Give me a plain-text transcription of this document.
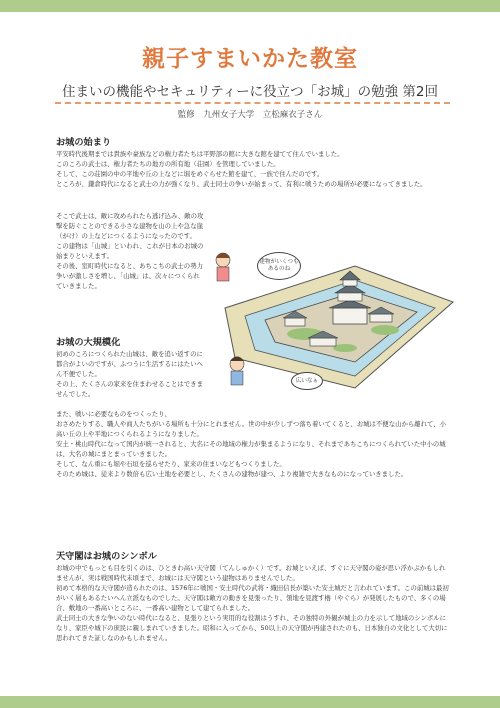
親子すまいかた教室
住まいの機能やセキュリティーに役立つ「お城」の勉強 第2回
監修　九州女子大学　立松麻衣子さん
お城の始まり

平安時代後期までは貴族や豪族などの権力者たちは平野部の館に大きな館を建てて住んでいました。

このころの武士は、権力者たちの地方の所有地（荘園）を管理していました。

そして、この荘園の中の平地や丘の上などに堀をめぐらせた館を建て、一族で住んだのです。

ところが、鎌倉時代になると武士の力が強くなり、武士同士の争いが始まって、有利に戦うための場所が必要になってきました。

そこで武士は、敵に攻められたら逃げ込み、敵の攻撃を防ぐことのできる小さな建物を山の上や急な崖（がけ）の上などにつくるようになったのです。

この建物は「山城」といわれ、これが日本のお城の始まりといえます。

その後、室町時代になると、あちこちの武士の勢力争いが激しさを増し、「山城」は、次々につくられていきました。

お城の大規模化

初めのころにつくられた山城は、敵を追い返すのに都合がよいのですが、ふつうに生活するにはたいへん不便でした。

その上、たくさんの家来を住まわせることはできませんでした。

また、戦いに必要なものをつくったり、

おさめたりする、職人や商人たちがいる場所も十分にとれません。世の中が少しずつ落ち着いてくると、お城は不便な山から離れて、小高い丘の上や平地につくられるようになりました。

安土・桃山時代になって国内が統一されると、大名にその地域の権力が集まるようになり、それまであちこちにつくられていた中小の城は、大名の城にまとまっていきました。

そして、なん重にも堀や石垣を巡らせたり、家来の住まいなどもつくりました。

そのため城は、従来より数倍も広い土地を必要とし、たくさんの建物が建つ、より複雑で大きなものになっていきました。

天守閣はお城のシンボル

お城の中でもっとも目を引くのは、ひときわ高い天守閣（てんしゅかく）です。お城といえば、すぐに天守閣の姿が思い浮かぶかもしれませんが、実は戦国時代末頃まで、お城には天守閣という建物はありませんでした。

初めて本格的な天守閣が造られたのは、1576年に戦国・安土時代の武将・織田信長が築いた安土城だと言われています。この前城は最初がいく層もあるたいへん立派なものでした。天守閣は敵方の動きを見張ったり、領地を見渡す櫓（やぐら）が発展したもので、多くの場合、敷地の一番高いところに、一番高い建物として建てられました。

武士同士の大きな争いのない時代になると、見張りという実用的な役割はうすれ、その独特の外観が城主の力を示して地域のシンボルになり、家臣や城下の庶民に親しまれていきました。昭和に入ってから、50以上の天守閣が再建されたのも、日本独自の文化として大切に思われてきた証しなのかもしれません。

建物がいくつもあるのね
広いなぁ
